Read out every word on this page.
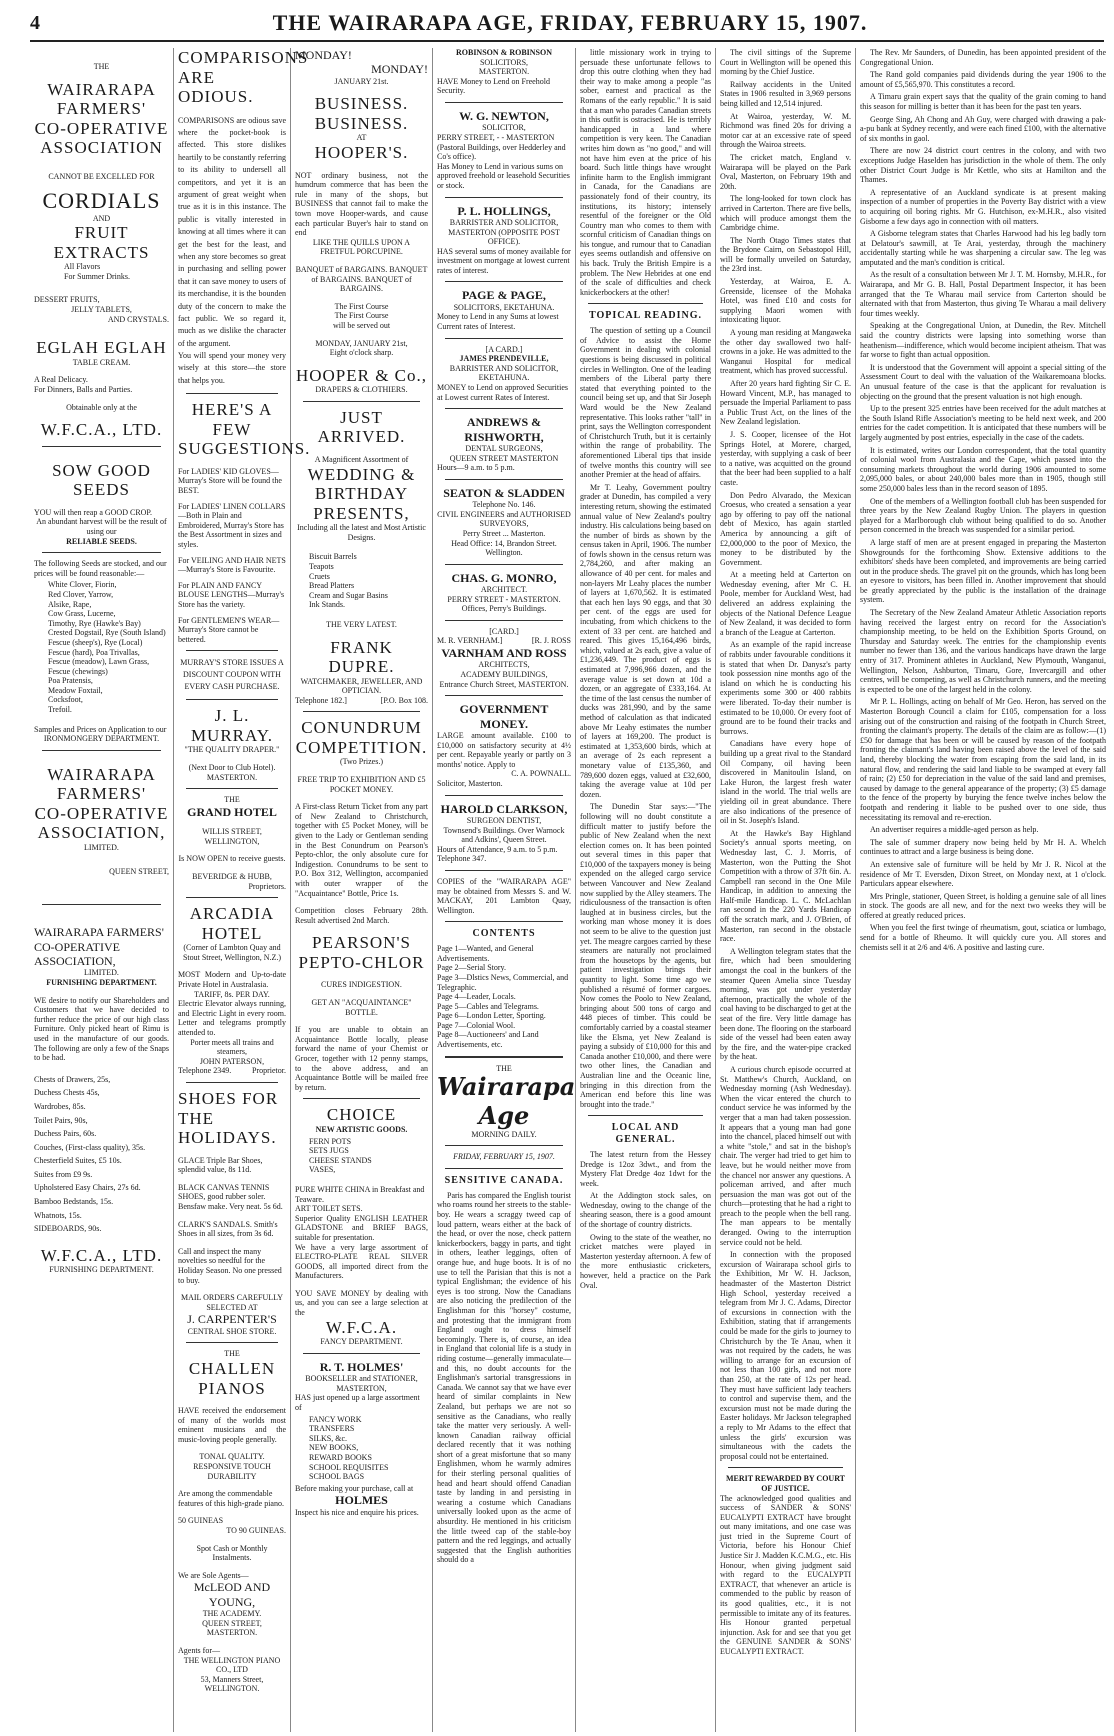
4	THE WAIRARAPA AGE, FRIDAY, FEBRUARY 15, 1907.
THE
WAIRARAPA
FARMERS'
CO-OPERATIVE
ASSOCIATION
CANNOT BE EXCELLED FOR
CORDIALS
AND
FRUIT EXTRACTS
All Flavors
For Summer Drinks.
DESSERT FRUITS,
JELLY TABLETS,
AND CRYSTALS.
EGLAH EGLAH
TABLE CREAM.
A Real Delicacy.
For Dinners, Balls and Parties.
Obtainable only at the
W.F.C.A., LTD.
SOW GOOD SEEDS
YOU will then reap a GOOD CROP.
An abundant harvest will be the result of using our
RELIABLE SEEDS.
The following Seeds are stocked, and our prices will be found reasonable:—
White Clover, Fiorin,
Red Clover, Yarrow,
Alsike, Rape,
Cow Grass, Lucerne,
Timothy, Rye (Hawke's Bay)
Crested Dogstail, Rye (South Island)
Fescue (sheep's), Rye (Local)
Fescue (hard), Poa Trivallas,
Fescue (meadow), Lawn Grass,
Fescue (chewings)
Poa Pratensis,
Meadow Foxtail,
Cocksfoot,
Trefoil.
Samples and Prices on Application to our
IRONMONGERY DEPARTMENT.
WAIRARAPA
FARMERS'
CO-OPERATIVE
ASSOCIATION,
LIMITED.
QUEEN STREET,
WAIRARAPA FARMERS' CO-OPERATIVE ASSOCIATION,
LIMITED.
FURNISHING DEPARTMENT.
WE desire to notify our Shareholders and Customers that we have decided to further reduce the price of our high class Furniture. Only picked heart of Rimu is used in the manufacture of our goods. The following are only a few of the Snaps to be had.
Chests of Drawers, 25s,
Duchess Chests 45s,
Wardrobes, 85s.
Toilet Pairs, 90s,
Duchess Pairs, 60s.
Couches, (First-class quality), 35s.
Chesterfield Suites, £5 10s.
Suites from £9 9s.
Upholstered Easy Chairs, 27s 6d.
Bamboo Bedstands, 15s.
Whatnots, 15s.
SIDEBOARDS, 90s.
W.F.C.A., LTD.
FURNISHING DEPARTMENT.
COMPARISONS ARE ODIOUS.
COMPARISONS are odious save where the pocket-book is affected. This store dislikes heartily to be constantly referring to its ability to undersell all competitors, and yet it is an argument of great weight when true as it is in this instance. The public is vitally interested in knowing at all times where it can get the best for the least, and when any store becomes so great in purchasing and selling power that it can save money to users of its merchandise, it is the bounden duty of the concern to make the fact public. We so regard it, much as we dislike the character of the argument.
You will spend your money very wisely at this store—the store that helps you.
HERE'S A FEW SUGGESTIONS.
For LADIES' KID GLOVES—Murray's Store will be found the BEST.
For LADIES' LINEN COLLARS—Both in Plain and Embroidered, Murray's Store has the Best Assortment in sizes and styles.
For VEILING AND HAIR NETS—Murray's Store is Favourite.
For PLAIN AND FANCY BLOUSE LENGTHS—Murray's Store has the variety.
For GENTLEMEN'S WEAR—Murray's Store cannot be bettered.
MURRAY'S STORE ISSUES A DISCOUNT COUPON WITH EVERY CASH PURCHASE.
J. L. MURRAY.
"THE QUALITY DRAPER."
(Next Door to Club Hotel).
MASTERTON.
THE
GRAND HOTEL
WILLIS STREET, WELLINGTON,
Is NOW OPEN to receive guests.
BEVERIDGE & HUBB,
Proprietors.
ARCADIA HOTEL
(Corner of Lambton Quay and Stout Street, Wellington, N.Z.)
MOST Modern and Up-to-date Private Hotel in Australasia.
TARIFF, 8s. PER DAY.
Electric Elevator always running, and Electric Light in every room. Letter and telegrams promptly attended to.
Porter meets all trains and steamers,
JOHN PATERSON,
Telephone 2349.	Proprietor.
SHOES FOR THE HOLIDAYS.
GLACE Triple Bar Shoes, splendid value, 8s 11d.
BLACK CANVAS TENNIS SHOES, good rubber soler. Bensfaw make. Very neat. 5s 6d.
CLARK'S SANDALS. Smith's Shoes in all sizes, from 3s 6d.
Call and inspect the many novelties so needful for the Holiday Season. No one pressed to buy.
MAIL ORDERS CAREFULLY SELECTED AT
J. CARPENTER'S
CENTRAL SHOE STORE.
THE
CHALLEN PIANOS
HAVE received the endorsement of many of the worlds most eminent musicians and the music-loving people generally.
TONAL QUALITY. RESPONSIVE TOUCH DURABILITY
Are among the commendable features of this high-grade piano.
50 GUINEAS
TO 90 GUINEAS.
Spot Cash or Monthly Instalments.
We are Sole Agents—
McLEOD AND YOUNG,
THE ACADEMY.
QUEEN STREET, MASTERTON.
Agents for—
THE WELLINGTON PIANO CO., LTD
53, Manners Street,
WELLINGTON.
MONDAY!
MONDAY!
JANUARY 21st.
BUSINESS.
BUSINESS.
AT
HOOPER'S.
NOT ordinary business, not the humdrum commerce that has been the rule in many of the shops, but BUSINESS that cannot fail to make the town move Hooper-wards, and cause each particular Buyer's hair to stand on end
LIKE THE QUILLS UPON A FRETFUL PORCUPINE.
BANQUET of BARGAINS. BANQUET of BARGAINS. BANQUET of BARGAINS.
The First Course
The First Course
will be served out
MONDAY, JANUARY 21st,
Eight o'clock sharp.
HOOPER & Co.,
DRAPERS & CLOTHIERS.
JUST ARRIVED.
A Magnificent Assortment of
WEDDING & BIRTHDAY PRESENTS,
Including all the latest and Most Artistic Designs.
Biscuit Barrels
Teapots
Cruets
Bread Platters
Cream and Sugar Basins
Ink Stands.
THE VERY LATEST.
FRANK DUPRE.
WATCHMAKER, JEWELLER, AND OPTICIAN.
Telephone 182.]	[P.O. Box 108.
CONUNDRUM COMPETITION.
(Two Prizes.)
FREE TRIP TO EXHIBITION AND £5 POCKET MONEY.
A First-class Return Ticket from any part of New Zealand to Christchurch, together with £5 Pocket Money, will be given to the Lady or Gentleman sending in the Best Conundrum on Pearson's Pepto-chlor, the only absolute cure for Indigestion. Conundrums to be sent to P.O. Box 312, Wellington, accompanied with outer wrapper of the "Acquaintance" Bottle, Price 1s.
Competition closes February 28th. Result advertised 2nd March.
PEARSON'S PEPTO-CHLOR
CURES INDIGESTION.
GET AN "ACQUAINTANCE" BOTTLE.
If you are unable to obtain an Acquaintance Bottle locally, please forward the name of your Chemist or Grocer, together with 12 penny stamps, to the above address, and an Acquaintance Bottle will be mailed free by return.
CHOICE
NEW ARTISTIC GOODS.
FERN POTS
SETS JUGS
CHEESE STANDS
VASES,
PURE WHITE CHINA in Breakfast and Teaware.
ART TOILET SETS.
Superior Quality ENGLISH LEATHER GLADSTONE and BRIEF BAGS, suitable for presentation.
We have a very large assortment of ELECTRO-PLATE REAL SILVER GOODS, all imported direct from the Manufacturers.
YOU SAVE MONEY by dealing with us, and you can see a large selection at the
W.F.C.A.
FANCY DEPARTMENT.
R. T. HOLMES'
BOOKSELLER and STATIONER,
MASTERTON,
HAS just opened up a large assortment of
FANCY WORK
TRANSFERS
SILKS, &c.
NEW BOOKS,
REWARD BOOKS
SCHOOL REQUISITES
SCHOOL BAGS
Before making your purchase, call at
HOLMES
Inspect his nice and enquire his prices.
ROBINSON & ROBINSON
SOLICITORS,
MASTERTON.
HAVE Money to Lend on Freehold Security.
W. G. NEWTON,
SOLICITOR,
PERRY STREET, - - MASTERTON (Pastoral Buildings, over Hedderley and Co's office).
Has Money to Lend in various sums on approved freehold or leasehold Securities or stock.
P. L. HOLLINGS,
BARRISTER AND SOLICITOR,
MASTERTON (OPPOSITE POST OFFICE).
HAS several sums of money available for investment on mortgage at lowest current rates of interest.
PAGE & PAGE,
SOLICITORS, EKETAHUNA.
Money to Lend in any Sums at lowest Current rates of Interest.
[A CARD.]
JAMES PRENDEVILLE,
BARRISTER AND SOLICITOR, EKETAHUNA.
MONEY to Lend on approved Securities at Lowest current Rates of Interest.
ANDREWS & RISHWORTH,
DENTAL SURGEONS,
QUEEN STREET MASTERTON
Hours—9 a.m. to 5 p.m.
SEATON & SLADDEN
Telephone No. 146.
CIVIL ENGINEERS and AUTHORISED SURVEYORS,
Perry Street ... Masterton.
Head Office: 14, Brandon Street. Wellington.
CHAS. G. MONRO,
ARCHITECT.
PERRY STREET - MASTERTON. Offices, Perry's Buildings.
[CARD.]
M. R. VERNHAM.]	[R. J. ROSS
VARNHAM AND ROSS
ARCHITECTS,
ACADEMY BUILDINGS,
Entrance Church Street, MASTERTON.
GOVERNMENT MONEY.
LARGE amount available. £100 to £10,000 on satisfactory security at 4½ per cent. Repayable yearly or partly on 3 months' notice. Apply to
C. A. POWNALL.
Solicitor, Masterton.
HAROLD CLARKSON,
SURGEON DENTIST,
Townsend's Buildings. Over Warnock and Adkins', Queen Street.
Hours of Attendance, 9 a.m. to 5 p.m. Telephone 347.
COPIES of the "WAIRARAPA AGE" may be obtained from Messrs S. and W. MACKAY, 201 Lambton Quay, Wellington.
CONTENTS
Page 1—Wanted, and General Advertisements.
Page 2—Serial Story.
Page 3—Dlstics News, Commercial, and Telegraphic.
Page 4—Leader, Locals.
Page 5—Cables and Telegrams.
Page 6—London Letter, Sporting.
Page 7—Colonial Wool.
Page 8—Auctioneers' and Land Advertisements, etc.
THE
Wairarapa Age
MORNING DAILY.
FRIDAY, FEBRUARY 15, 1907.
SENSITIVE CANADA.

Paris has compared the English tourist who roams round her streets to the stable-boy. He wears a scraggy tweed cap of loud pattern, wears either at the back of the head, or over the nose, check pattern knickerbockers, baggy in parts, and tight in others, leather leggings, often of orange hue, and huge boots. It is of no use to tell the Parisian that this is not a typical Englishman; the evidence of his eyes is too strong. Now the Canadians are also noticing the predilection of the Englishman for this "horsey" costume, and protesting that the immigrant from England ought to dress himself becomingly. There is, of course, an idea in England that colonial life is a study in riding costume—generally immaculate—and this, no doubt accounts for the Englishman's sartorial transgressions in Canada. We cannot say that we have ever heard of similar complaints in New Zealand, but perhaps we are not so sensitive as the Canadians, who really take the matter very seriously. A well-known Canadian railway official declared recently that it was nothing short of a great misfortune that so many Englishmen, whom he warmly admires for their sterling personal qualities of head and heart should offend Canadian taste by landing in and persisting in wearing a costume which Canadians universally looked upon as the acme of absurdity. He mentioned in his criticism the little tweed cap of the stable-boy pattern and the red leggings, and actually suggested that the English authorities should do a

little missionary work in trying to persuade these unfortunate fellows to drop this outre clothing when they had their way to make among a people "as sober, earnest and practical as the Romans of the early republic." It is said that a man who parades Canadian streets in this outfit is ostracised. He is terribly handicapped in a land where competition is very keen. The Canadian writes him down as "no good," and will not have him even at the price of his board. Such little things have wrought infinite harm to the English immigrant in Canada, for the Canadians are passionately fond of their country, its institutions, its history; intensely resentful of the foreigner or the Old Country man who comes to them with scornful criticism of Canadian things on his tongue, and rumour that to Canadian eyes seems outlandish and offensive on his back. Truly the British Empire is a problem. The New Hebrides at one end of the scale of difficulties and check knickerbockers at the other!

TOPICAL READING.

The question of setting up a Council of Advice to assist the Home Government in dealing with colonial questions is being discussed in political circles in Wellington. One of the leading members of the Liberal party there stated that everything pointed to the council being set up, and that Sir Joseph Ward would be the New Zealand representative. This looks rather "tall" in print, says the Wellington correspondent of Christchurch Truth, but it is certainly within the range of probability. The aforementioned Liberal tips that inside of twelve months this country will see another Premier at the head of affairs.

Mr T. Leahy, Government poultry grader at Dunedin, has compiled a very interesting return, showing the estimated annual value of New Zealand's poultry industry. His calculations being based on the number of birds as shown by the census taken in April, 1906. The number of fowls shown in the census return was 2,784,260, and after making an allowance of 40 per cent. for males and non-layers Mr Leahy places the number of layers at 1,670,562. It is estimated that each hen lays 90 eggs, and that 30 per cent. of the eggs are used for incubating, from which chickens to the extent of 33 per cent. are hatched and reared. This gives 15,164,496 birds, which, valued at 2s each, give a value of £1,236,449. The product of eggs is estimated at 7,996,966 dozen, and the average value is set down at 10d a dozen, or an aggregate of £333,164. At the time of the last census the number of ducks was 281,990, and by the same method of calculation as that indicated above Mr Leahy estimates the number of layers at 169,200. The product is estimated at 1,353,600 birds, which at an average of 2s each represent a monetary value of £135,360, and 789,600 dozen eggs, valued at £32,600, taking the average value at 10d per dozen.

The Dunedin Star says:—"The following will no doubt constitute a difficult matter to justify before the public of New Zealand when the next election comes on. It has been pointed out several times in this paper that £10,000 of the taxpayers money is being expended on the alleged cargo service between Vancouver and New Zealand now supplied by the Alley steamers. The ridiculousness of the transaction is often laughed at in business circles, but the working man whose money it is does not seem to be alive to the question just yet. The meagre cargoes carried by these steamers are naturally not proclaimed from the housetops by the agents, but patient investigation brings their quantity to light. Some time ago we published a résumé of former cargoes. Now comes the Poolo to New Zealand, bringing about 500 tons of cargo and 448 pieces of timber. This could be comfortably carried by a coastal steamer like the Elsma, yet New Zealand is paying a subsidy of £10,000 for this and Canada another £10,000, and there were two other lines, the Canadian and Australian line and the Oceanic line, bringing in this direction from the American end before this line was brought into the trade."

LOCAL AND GENERAL.

The latest return from the Hessey Dredge is 12oz 3dwt., and from the Mystery Flat Dredge 4oz 1dwt for the week.

At the Addington stock sales, on Wednesday, owing to the change of the shearing season, there is a good amount of the shortage of country districts.

Owing to the state of the weather, no cricket matches were played in Masterton yesterday afternoon. A few of the more enthusiastic cricketers, however, held a practice on the Park Oval.

The civil sittings of the Supreme Court in Wellington will be opened this morning by the Chief Justice.

Railway accidents in the United States in 1906 resulted in 3,969 persons being killed and 12,514 injured.

At Wairoa, yesterday, W. M. Richmond was fined 20s for driving a motor car at an excessive rate of speed through the Wairoa streets.

The cricket match, England v. Wairarapa will be played on the Park Oval, Masterton, on February 19th and 20th.

The long-looked for town clock has arrived in Carterton. There are five bells, which will produce amongst them the Cambridge chime.

The North Otago Times states that the Brydone Cairn, on Sebastopol Hill, will be formally unveiled on Saturday, the 23rd inst.

Yesterday, at Wairoa, E. A. Greenside, licensee of the Mohaka Hotel, was fined £10 and costs for supplying Maori women with intoxicating liquor.

A young man residing at Mangaweka the other day swallowed two half-crowns in a joke. He was admitted to the Wanganui Hospital for medical treatment, which has proved successful.

After 20 years hard fighting Sir C. E. Howard Vincent, M.P., has managed to persuade the Imperial Parliament to pass a Public Trust Act, on the lines of the New Zealand legislation.

J. S. Cooper, licensee of the Hot Springs Hotel, at Morere, charged, yesterday, with supplying a cask of beer to a native, was acquitted on the ground that the beer had been supplied to a half caste.

Don Pedro Alvarado, the Mexican Croesus, who created a sensation a year ago by offering to pay off the national debt of Mexico, has again startled America by announcing a gift of £2,000,000 to the poor of Mexico, the money to be distributed by the Government.

At a meeting held at Carterton on Wednesday evening, after Mr C. H. Poole, member for Auckland West, had delivered an address explaining the objects of the National Defence League of New Zealand, it was decided to form a branch of the League at Carterton.

As an example of the rapid increase of rabbits under favourable conditions it is stated that when Dr. Danysz's party took possession nine months ago of the island on which he is conducting his experiments some 300 or 400 rabbits were liberated. To-day their number is estimated to be 10,000. Or every foot of ground are to be found their tracks and burrows.

Canadians have every hope of building up a great rival to the Standard Oil Company, oil having been discovered in Manitoulin Island, on Lake Huron, the largest fresh water island in the world. The trial wells are yielding oil in great abundance. There are also indications of the presence of oil in St. Joseph's Island.

At the Hawke's Bay Highland Society's annual sports meeting, on Wednesday last, C. J. Morris, of Masterton, won the Putting the Shot Competition with a throw of 37ft 6in. A. Campbell ran second in the One Mile Handicap, in addition to annexing the Half-mile Handicap. L. C. McLachlan ran second in the 220 Yards Handicap off the scratch mark, and J. O'Brien, of Masterton, ran second in the obstacle race.

A Wellington telegram states that the fire, which had been smouldering amongst the coal in the bunkers of the steamer Queen Amelia since Tuesday morning, was got under yesterday afternoon, practically the whole of the coal having to be discharged to get at the seat of the fire. Very little damage has been done. The flooring on the starboard side of the vessel had been eaten away by the fire, and the water-pipe cracked by the heat.

A curious church episode occurred at St. Matthew's Church, Auckland, on Wednesday morning (Ash Wednesday). When the vicar entered the church to conduct service he was informed by the verger that a man had taken possession. It appears that a young man had gone into the chancel, placed himself out with a white "stole," and sat in the bishop's chair. The verger had tried to get him to leave, but he would neither move from the chancel nor answer any questions. A policeman arrived, and after much persuasion the man was got out of the church—protesting that he had a right to preach to the people when the bell rang. The man appears to be mentally deranged. Owing to the interruption service could not be held.

In connection with the proposed excursion of Wairarapa school girls to the Exhibition, Mr W. H. Jackson, headmaster of the Masterton District High School, yesterday received a telegram from Mr J. C. Adams, Director of excursions in connection with the Exhibition, stating that if arrangements could be made for the girls to journey to Christchurch by the Te Anau, when it was not required by the cadets, he was willing to arrange for an excursion of not less than 100 girls, and not more than 250, at the rate of 12s per head. They must have sufficient lady teachers to control and supervise them, and the excursion must not be made during the Easter holidays. Mr Jackson telegraphed a reply to Mr Adams to the effect that unless the girls' excursion was simultaneous with the cadets the proposal could not be entertained.

MERIT REWARDED BY COURT OF JUSTICE.
The acknowledged good qualities and success of SANDER & SONS' EUCALYPTI EXTRACT have brought out many imitations, and one case was just tried in the Supreme Court of Victoria, before his Honour Chief Justice Sir J. Madden K.C.M.G., etc. His Honour, when giving judgment said with regard to the EUCALYPTI EXTRACT, that whenever an article is commended to the public by reason of its good qualities, etc., it is not permissible to imitate any of its features. His Honour granted perpetual injunction. Ask for and see that you get the GENUINE SANDER & SONS' EUCALYPTI EXTRACT.

The Rev. Mr Saunders, of Dunedin, has been appointed president of the Congregational Union.

The Rand gold companies paid dividends during the year 1906 to the amount of £5,565,970. This constitutes a record.

A Timaru grain expert says that the quality of the grain coming to hand this season for milling is better than it has been for the past ten years.

George Sing, Ah Chong and Ah Guy, were charged with drawing a pak-a-pu bank at Sydney recently, and were each fined £100, with the alternative of six months in gaol.

There are now 24 district court centres in the colony, and with two exceptions Judge Haselden has jurisdiction in the whole of them. The only other District Court Judge is Mr Kettle, who sits at Hamilton and the Thames.

A representative of an Auckland syndicate is at present making inspection of a number of properties in the Poverty Bay district with a view to acquiring oil boring rights. Mr G. Hutchison, ex-M.H.R., also visited Gisborne a few days ago in connection with oil matters.

A Gisborne telegram states that Charles Harwood had his leg badly torn at Delatour's sawmill, at Te Arai, yesterday, through the machinery accidentally starting while he was sharpening a circular saw. The leg was amputated and the man's condition is critical.

As the result of a consultation between Mr J. T. M. Hornsby, M.H.R., for Wairarapa, and Mr G. B. Hall, Postal Department Inspector, it has been arranged that the Te Wharau mail service from Carterton should be alternated with that from Masterton, thus giving Te Wharau a mail delivery four times weekly.

Speaking at the Congregational Union, at Dunedin, the Rev. Mitchell said the country districts were lapsing into something worse than heathenism—indifference, which would become incipient atheism. That was far worse to fight than actual opposition.

It is understood that the Government will appoint a special sitting of the Assessment Court to deal with the valuation of the Waikaremoana blocks. An unusual feature of the case is that the applicant for revaluation is objecting on the ground that the present valuation is not high enough.

Up to the present 325 entries have been received for the adult matches at the South Island Rifle Association's meeting to be held next week, and 200 entries for the cadet competition. It is anticipated that these numbers will be largely augmented by post entries, especially in the case of the cadets.

It is estimated, writes our London correspondent, that the total quantity of colonial wool from Australasia and the Cape, which passed into the consuming markets throughout the world during 1906 amounted to some 2,095,000 bales, or about 240,000 bales more than in 1905, though still some 250,000 bales less than in the record season of 1895.

One of the members of a Wellington football club has been suspended for three years by the New Zealand Rugby Union. The players in question played for a Marlborough club without being qualified to do so. Another person concerned in the breach was suspended for a similar period.

A large staff of men are at present engaged in preparing the Masterton Showgrounds for the forthcoming Show. Extensive additions to the exhibitors' sheds have been completed, and improvements are being carried out in the produce sheds. The gravel pit on the grounds, which has long been an eyesore to visitors, has been filled in. Another improvement that should be greatly appreciated by the public is the installation of the drainage system.

The Secretary of the New Zealand Amateur Athletic Association reports having received the largest entry on record for the Association's championship meeting, to be held on the Exhibition Sports Ground, on Thursday and Saturday week. The entries for the championship events number no fewer than 136, and the various handicaps have drawn the large entry of 317. Prominent athletes in Auckland, New Plymouth, Wanganui, Wellington, Nelson, Ashburton, Timaru, Gore, Invercargill and other centres, will be competing, as well as Christchurch runners, and the meeting is expected to be one of the largest held in the colony.

Mr P. L. Hollings, acting on behalf of Mr Geo. Heron, has served on the Masterton Borough Council a claim for £105, compensation for a loss arising out of the construction and raising of the footpath in Church Street, fronting the claimant's property. The details of the claim are as follow:—(1) £50 for damage that has been or will be caused by reason of the footpath fronting the claimant's land having been raised above the level of the said land, thereby blocking the water from escaping from the said land, in its natural flow, and rendering the said land liable to be swamped at every fall of rain; (2) £50 for depreciation in the value of the said land and premises, caused by damage to the general appearance of the property; (3) £5 damage to the fence of the property by burying the fence twelve inches below the footpath and rendering it liable to be pushed over to one side, thus necessitating its removal and re-erection.

An advertiser requires a middle-aged person as help.

The sale of summer drapery now being held by Mr H. A. Whelch continues to attract and a large business is being done.

An extensive sale of furniture will be held by Mr J. R. Nicol at the residence of Mr T. Eversden, Dixon Street, on Monday next, at 1 o'clock. Particulars appear elsewhere.

Mrs Pringle, stationer, Queen Street, is holding a genuine sale of all lines in stock. The goods are all new, and for the next two weeks they will be offered at greatly reduced prices.

When you feel the first twinge of rheumatism, gout, sciatica or lumbago, send for a bottle of Rheumo. It will quickly cure you. All stores and chemists sell it at 2/6 and 4/6. A positive and lasting cure.
